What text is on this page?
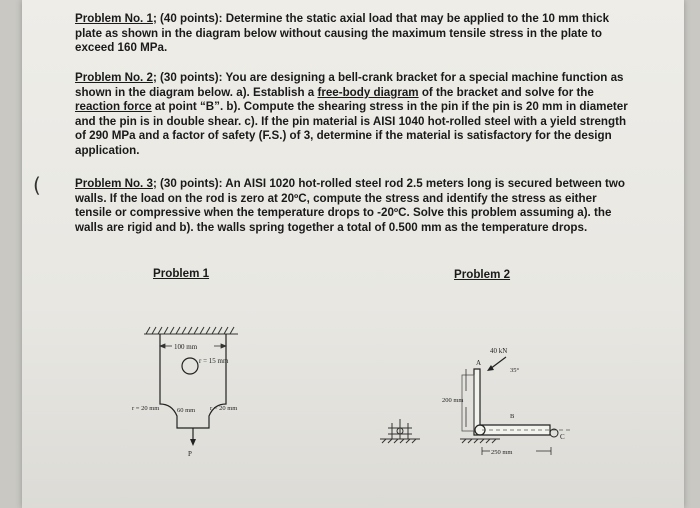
(

Problem No. 1; (40 points): Determine the static axial load that may be applied to the 10 mm thick plate as shown in the diagram below without causing the maximum tensile stress in the plate to exceed 160 MPa.

Problem No. 2; (30 points): You are designing a bell-crank bracket for a special machine function as shown in the diagram below. a). Establish a free-body diagram of the bracket and solve for the reaction force at point “B”. b). Compute the shearing stress in the pin if the pin is 20 mm in diameter and the pin is in double shear. c). If the pin material is AISI 1040 hot-rolled steel with a yield strength of 290 MPa and a factor of safety (F.S.) of 3, determine if the material is satisfactory for the design application.

Problem No. 3; (30 points): An AISI 1020 hot-rolled steel rod 2.5 meters long is secured between two walls. If the load on the rod is zero at 20ºC, compute the stress and identify the stress as either tensile or compressive when the temperature drops to -20ºC. Solve this problem assuming a). the walls are rigid and b). the walls spring together a total of 0.500 mm as the temperature drops.

Problem 1	Problem 2
100 mm
r = 15 mm
r = 20 mm	60 mm r = 20 mm
P
40 kN
A
35°
200 mm
B
C
250 mm
